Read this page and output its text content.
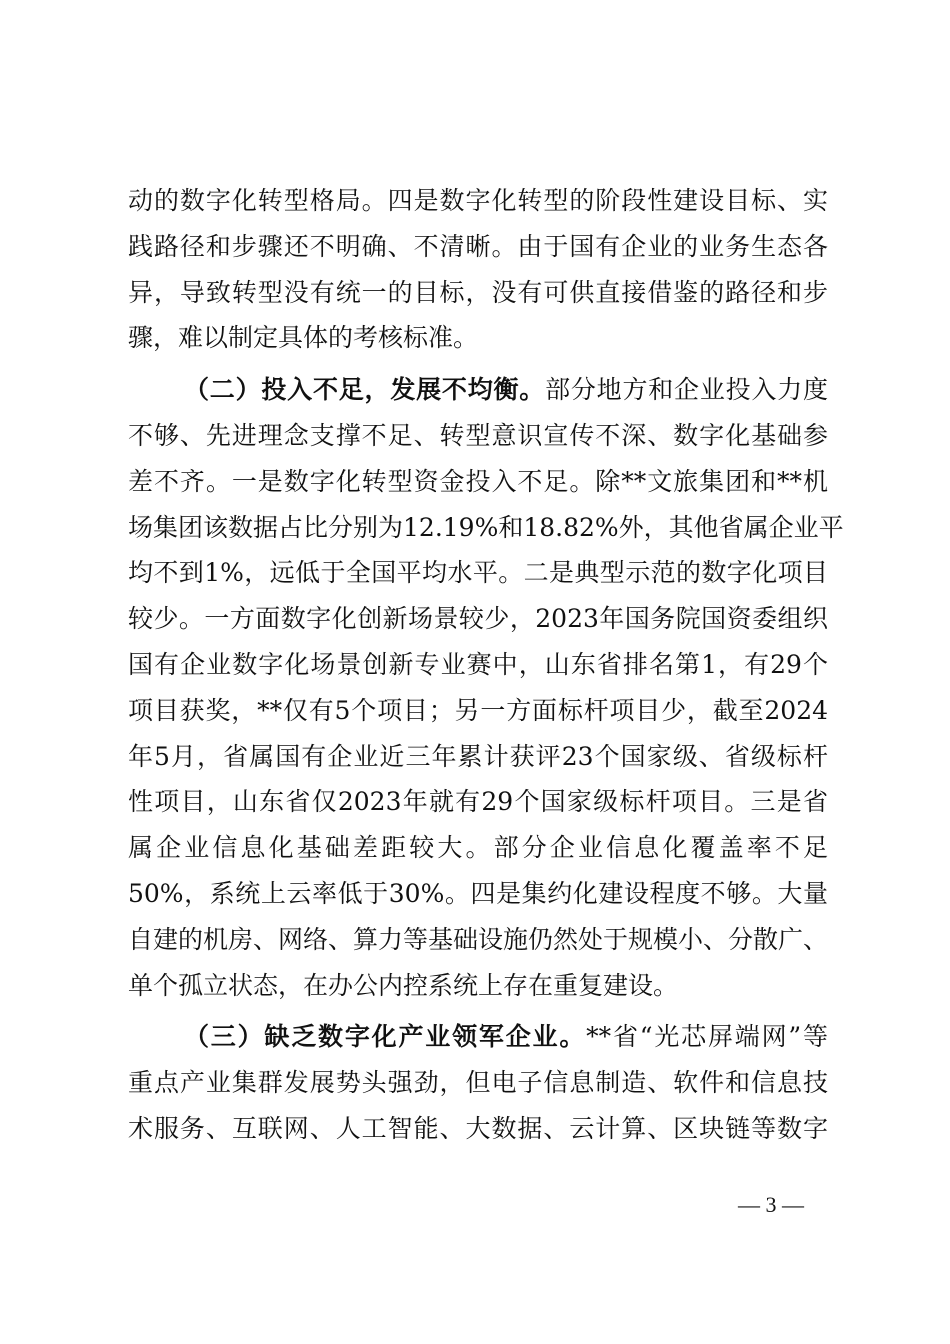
动的数字化转型格局。四是数字化转型的阶段性建设目标、实
践路径和步骤还不明确、不清晰。由于国有企业的业务生态各
异，导致转型没有统一的目标，没有可供直接借鉴的路径和步
骤，难以制定具体的考核标准。
（二）投入不足，发展不均衡。部分地方和企业投入力度
不够、先进理念支撑不足、转型意识宣传不深、数字化基础参
差不齐。一是数字化转型资金投入不足。除**文旅集团和**机
场集团该数据占比分别为12.19%和18.82%外，其他省属企业平
均不到1%，远低于全国平均水平。二是典型示范的数字化项目
较少。一方面数字化创新场景较少，2023年国务院国资委组织
国有企业数字化场景创新专业赛中，山东省排名第1，有29个
项目获奖，**仅有5个项目；另一方面标杆项目少，截至2024
年5月，省属国有企业近三年累计获评23个国家级、省级标杆
性项目，山东省仅2023年就有29个国家级标杆项目。三是省
属企业信息化基础差距较大。部分企业信息化覆盖率不足
50%，系统上云率低于30%。四是集约化建设程度不够。大量
自建的机房、网络、算力等基础设施仍然处于规模小、分散广、
单个孤立状态，在办公内控系统上存在重复建设。
（三）缺乏数字化产业领军企业。**省“光芯屏端网”等
重点产业集群发展势头强劲，但电子信息制造、软件和信息技
术服务、互联网、人工智能、大数据、云计算、区块链等数字
— 3 —
